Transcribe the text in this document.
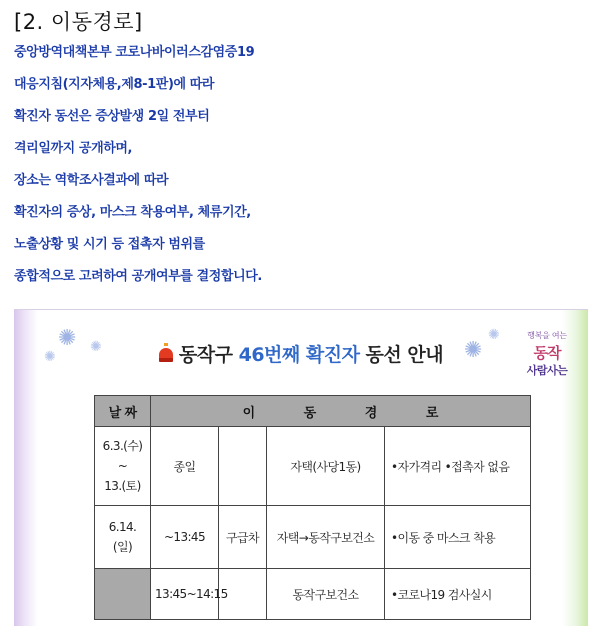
[2. 이동경로]
중앙방역대책본부 코로나바이러스감염증19
대응지침(지자체용,제8-1판)에 따라
확진자 동선은 증상발생 2일 전부터
격리일까지 공개하며,
장소는 역학조사결과에 따라
확진자의 증상, 마스크 착용여부, 체류기간,
노출상황 및 시기 등 접촉자 범위를
종합적으로 고려하여 공개여부를 결정합니다.
✺
✺
✺	✺
✺
동작구 46번째 확진자 동선 안내
행복을 여는
동작
사람사는
날 짜	이 동 경 로			

6.3.(수)
~
13.(토)	종일		자택(사당1동)	•자가격리 •접촉자 없음

6.14.
(일)	~13:45	구급차	자택→동작구보건소	•이동 중 마스크 착용
	13:45~14:15		동작구보건소	•코로나19 검사실시
